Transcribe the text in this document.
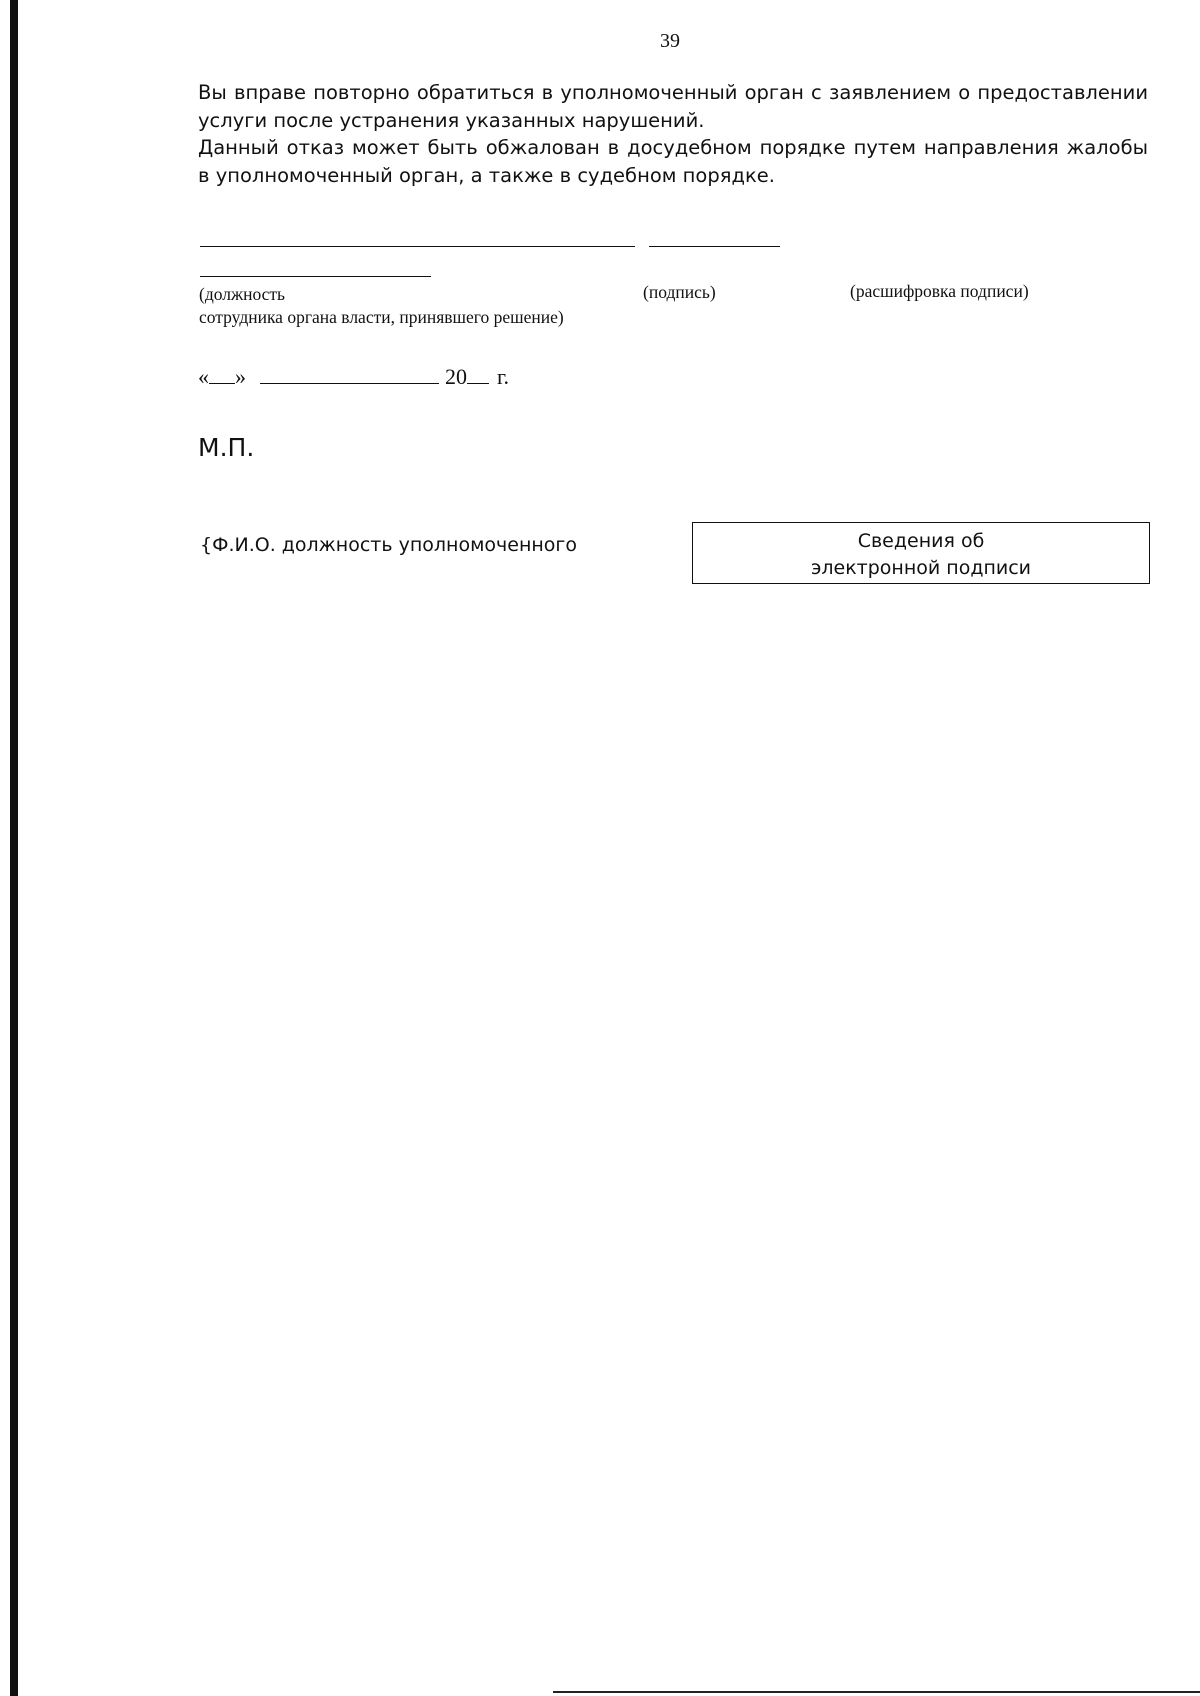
39
Вы вправе повторно обратиться в уполномоченный орган с заявлением о предоставлении услуги после устранения указанных нарушений.
Данный отказ может быть обжалован в досудебном порядке путем направления жалобы в уполномоченный орган, а также в судебном порядке.
(должность
сотрудника органа власти, принявшего решение)
(подпись)	(расшифровка подписи)
« »	20 г.
М.П.
{Ф.И.О. должность уполномоченного	Сведения об
электронной подписи
